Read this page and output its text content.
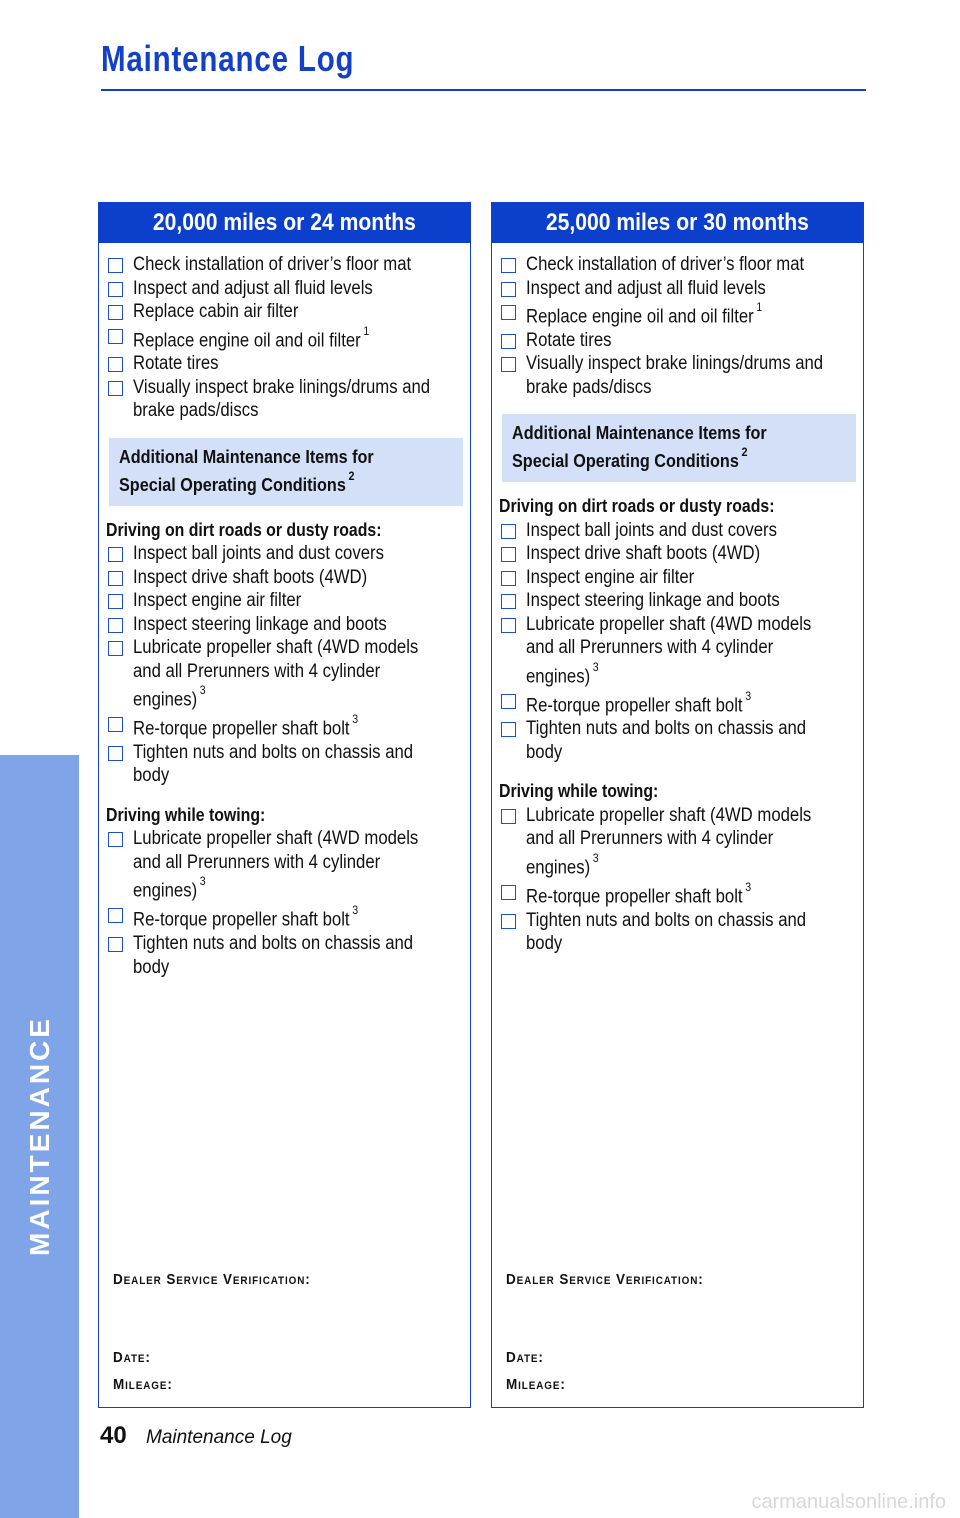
Maintenance Log
MAINTENANCE
20,000 miles or 24 months
Check installation of driver’s floor mat
Inspect and adjust all fluid levels
Replace cabin air filter
Replace engine oil and oil filter $^1$
Rotate tires
Visually inspect brake linings/drums and
brake pads/discs
Additional Maintenance Items for
Special Operating Conditions $^2$
Driving on dirt roads or dusty roads:
Inspect ball joints and dust covers
Inspect drive shaft boots (4WD)
Inspect engine air filter
Inspect steering linkage and boots
Lubricate propeller shaft (4WD models
and all Prerunners with 4 cylinder
engines) $^3$
Re-torque propeller shaft bolt $^3$
Tighten nuts and bolts on chassis and
body
Driving while towing:
Lubricate propeller shaft (4WD models
and all Prerunners with 4 cylinder
engines) $^3$
Re-torque propeller shaft bolt $^3$
Tighten nuts and bolts on chassis and
body
Dealer Service Verification:
Date:
Mileage:
25,000 miles or 30 months
Check installation of driver’s floor mat
Inspect and adjust all fluid levels
Replace engine oil and oil filter $^1$
Rotate tires
Visually inspect brake linings/drums and
brake pads/discs
Additional Maintenance Items for
Special Operating Conditions $^2$
Driving on dirt roads or dusty roads:
Inspect ball joints and dust covers
Inspect drive shaft boots (4WD)
Inspect engine air filter
Inspect steering linkage and boots
Lubricate propeller shaft (4WD models
and all Prerunners with 4 cylinder
engines) $^3$
Re-torque propeller shaft bolt $^3$
Tighten nuts and bolts on chassis and
body
Driving while towing:
Lubricate propeller shaft (4WD models
and all Prerunners with 4 cylinder
engines) $^3$
Re-torque propeller shaft bolt $^3$
Tighten nuts and bolts on chassis and
body
Dealer Service Verification:
Date:
Mileage:
40 Maintenance Log
carmanualsonline.info
